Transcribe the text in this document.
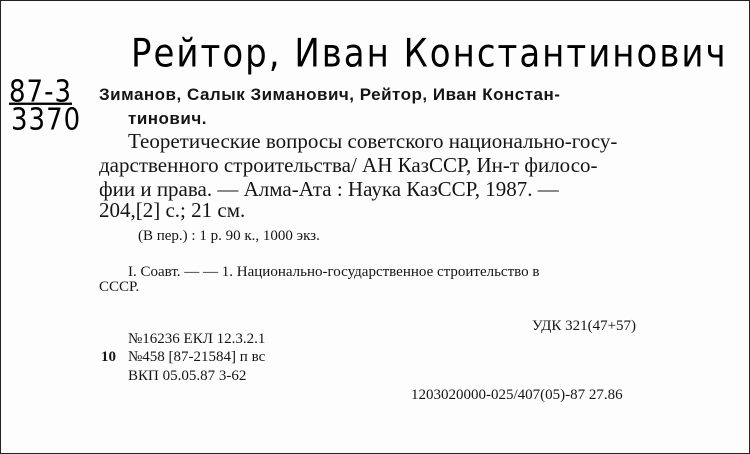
Рейтор, Иван Константинович
87-3
3370
Зиманов, Салык Зиманович, Рейтор, Иван Констан-
тинович.
Теоретические вопросы советского национально-госу-
дарственного строительства/ АН КазССР, Ин-т филосо-
фии и права. — Алма-Ата : Наука КазССР, 1987. —
204,[2] с.; 21 см.
(В пер.) : 1 р. 90 к., 1000 экз.
I. Соавт. — — 1. Национально-государственное строительство в
СССР.
УДК 321(47+57)
№16236 ЕКЛ 12.3.2.1
10 №458 [87-21584] п вс
ВКП 05.05.87 3-62
1203020000-025/407(05)-87 27.86
